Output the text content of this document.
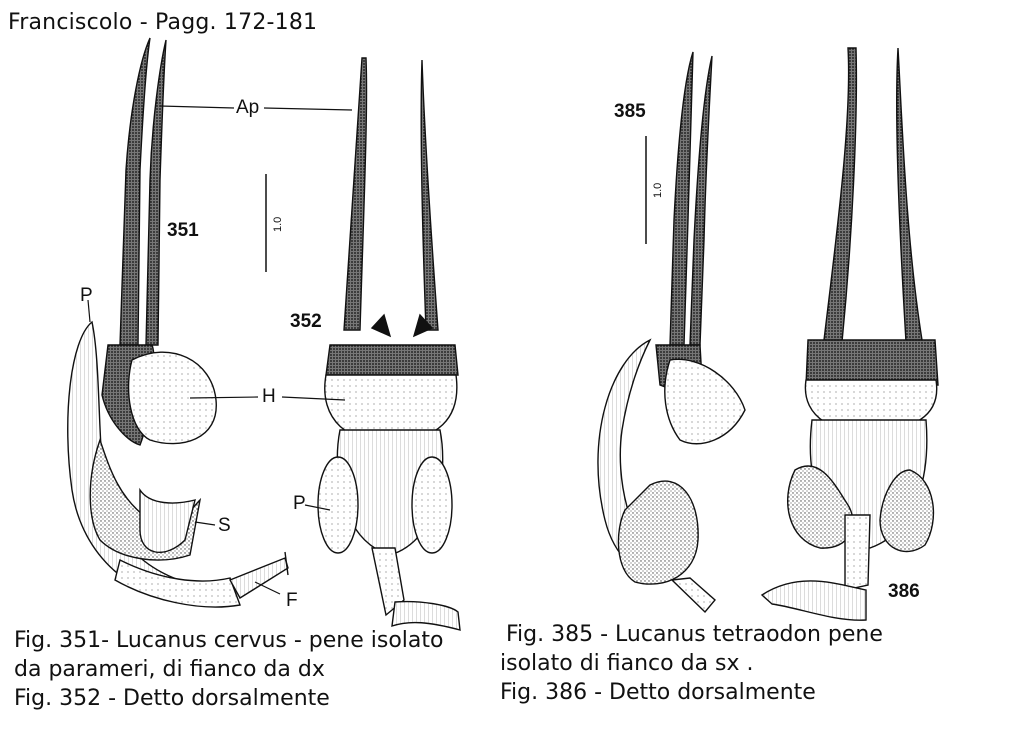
Franciscolo - Pagg. 172-181
351
352
385
386
Ap
P
H
S
F
P
1.0
1.0
Fig. 351- Lucanus cervus - pene isolato
da parameri, di fianco da dx
Fig. 352 - Detto dorsalmente
Fig. 385 - Lucanus tetraodon pene
isolato di fianco da sx .
Fig. 386 - Detto dorsalmente
